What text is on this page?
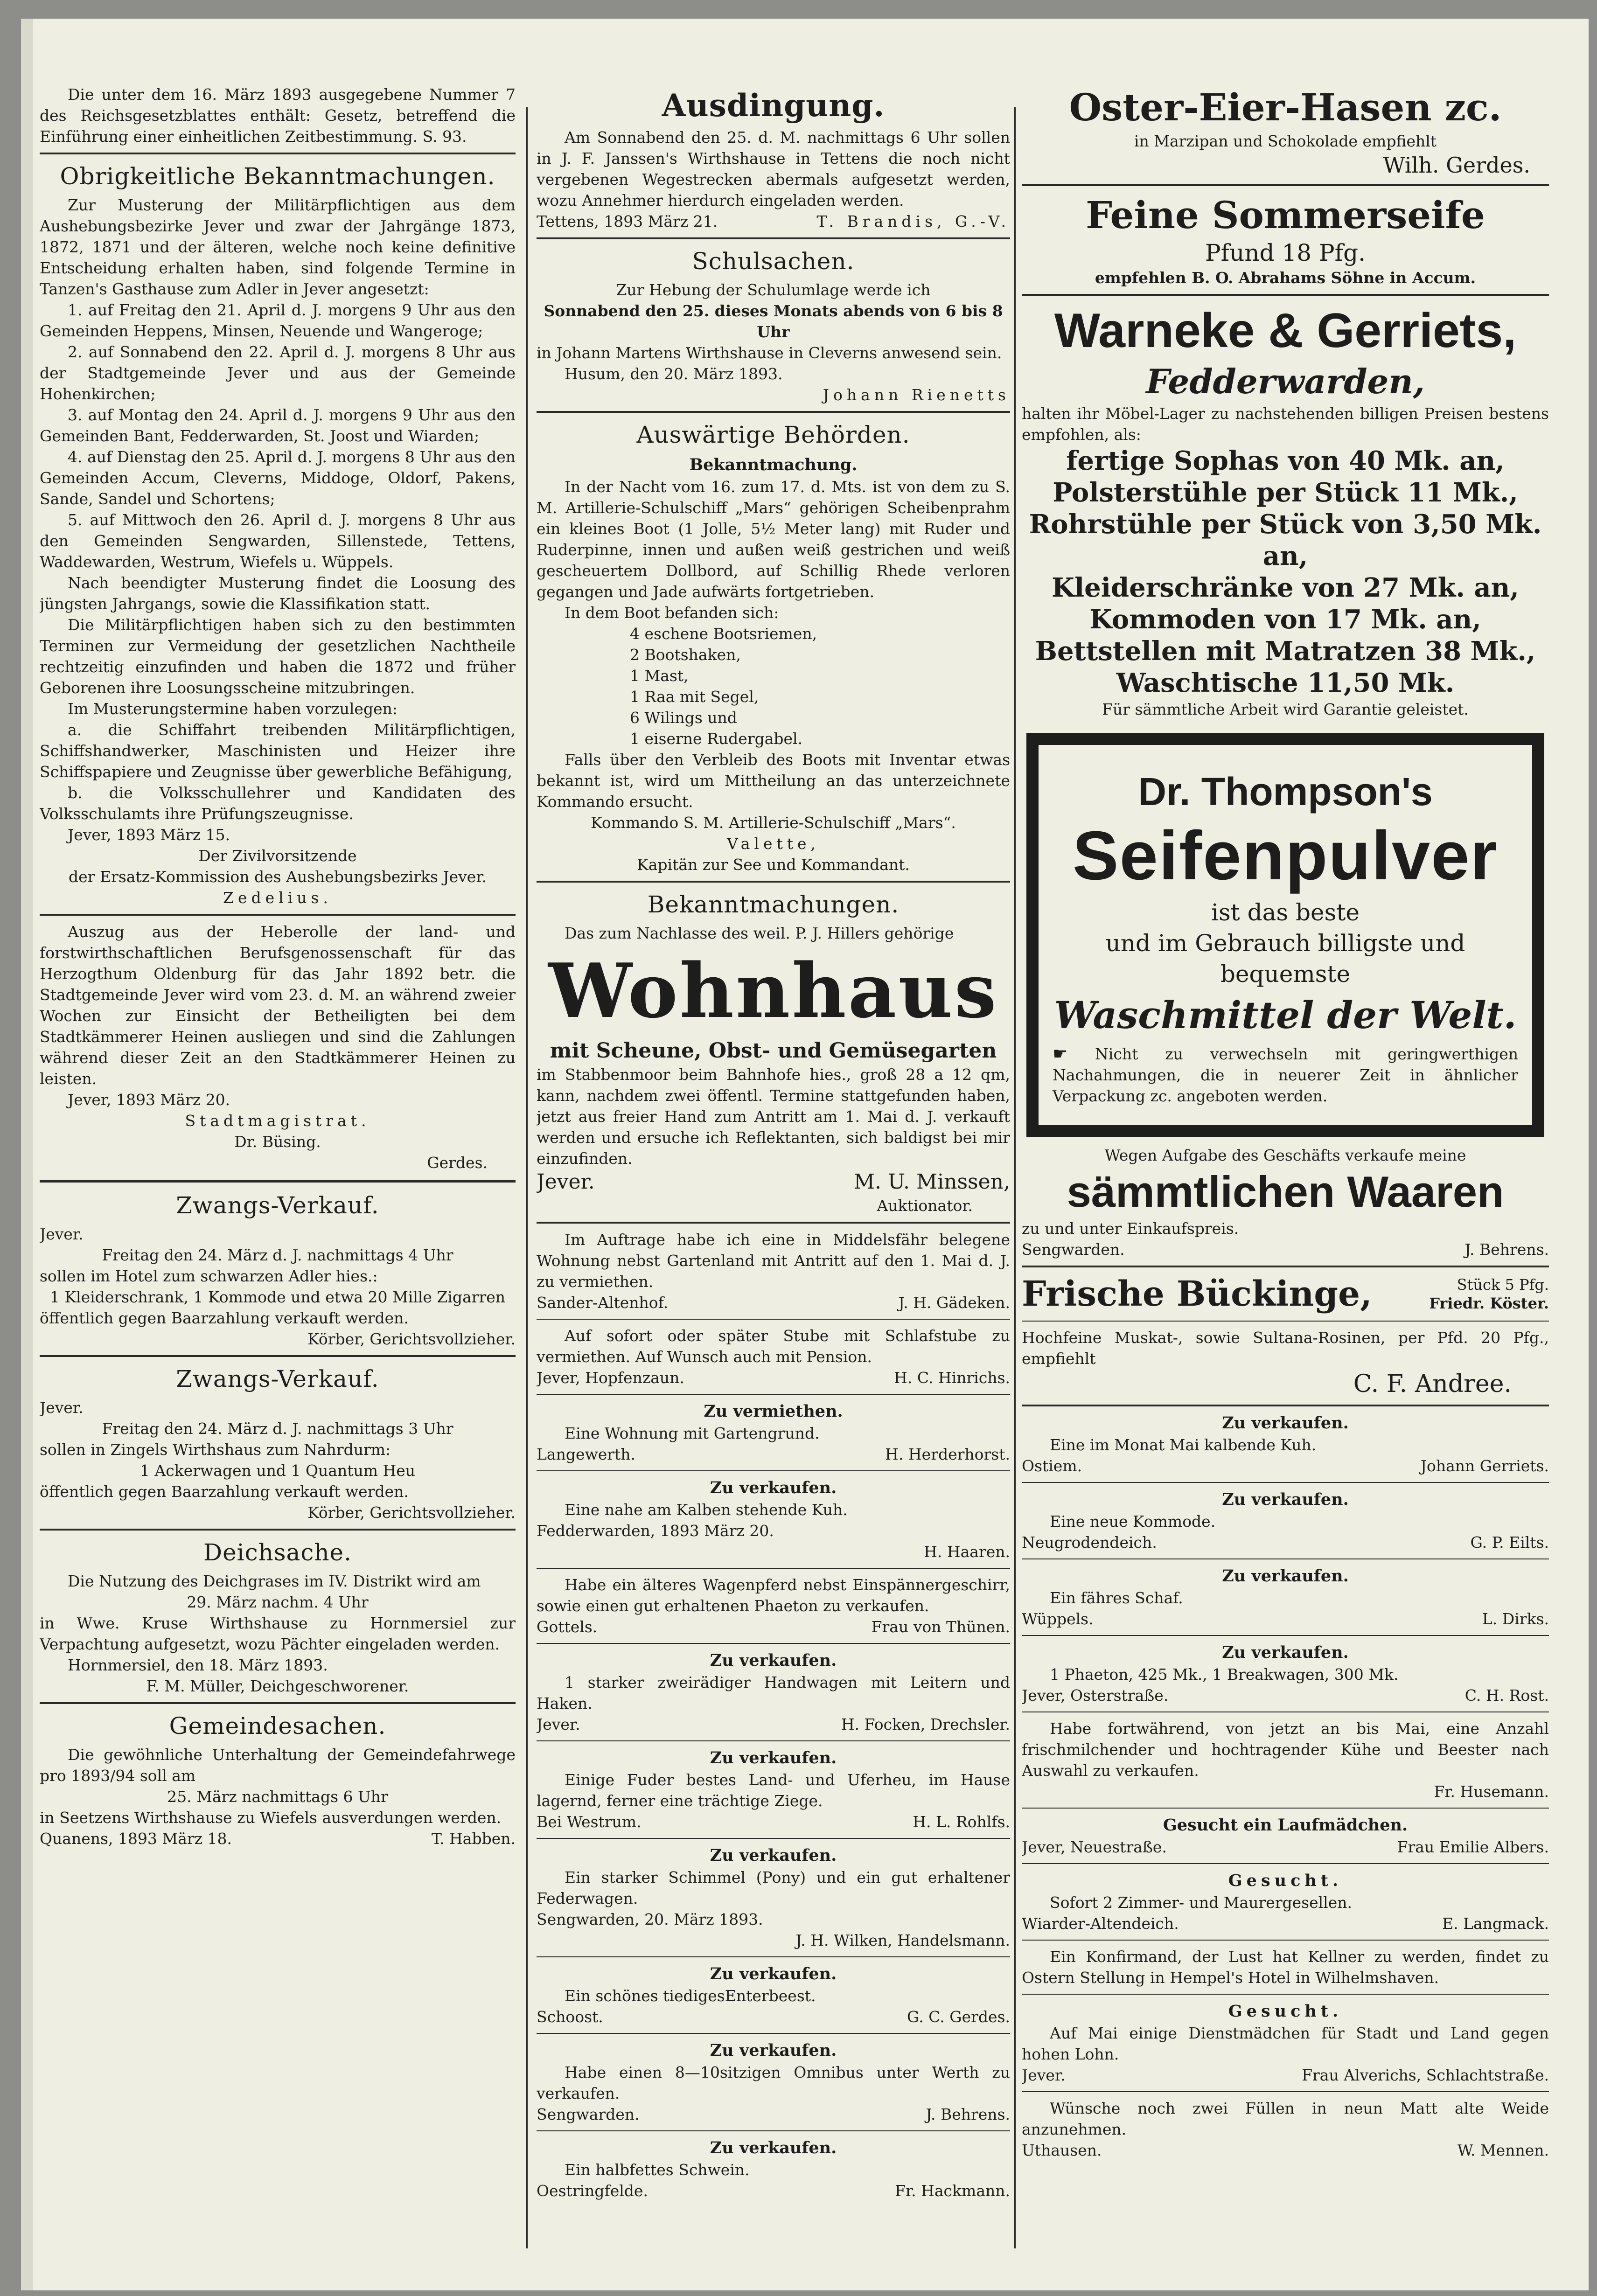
Die unter dem 16. März 1893 ausgegebene Nummer 7 des Reichsgesetzblattes enthält: Gesetz, betreffend die Einführung einer einheitlichen Zeitbestimmung. S. 93.

Obrigkeitliche Bekanntmachungen.

Zur Musterung der Militärpflichtigen aus dem Aushebungsbezirke Jever und zwar der Jahrgänge 1873, 1872, 1871 und der älteren, welche noch keine definitive Entscheidung erhalten haben, sind folgende Termine in Tanzen's Gasthause zum Adler in Jever angesetzt:

1. auf Freitag den 21. April d. J. morgens 9 Uhr aus den Gemeinden Heppens, Minsen, Neuende und Wangeroge;

2. auf Sonnabend den 22. April d. J. morgens 8 Uhr aus der Stadtgemeinde Jever und aus der Gemeinde Hohenkirchen;

3. auf Montag den 24. April d. J. morgens 9 Uhr aus den Gemeinden Bant, Fedderwarden, St. Joost und Wiarden;

4. auf Dienstag den 25. April d. J. morgens 8 Uhr aus den Gemeinden Accum, Cleverns, Middoge, Oldorf, Pakens, Sande, Sandel und Schortens;

5. auf Mittwoch den 26. April d. J. morgens 8 Uhr aus den Gemeinden Sengwarden, Sillenstede, Tettens, Waddewarden, Westrum, Wiefels u. Wüppels.

Nach beendigter Musterung findet die Loosung des jüngsten Jahrgangs, sowie die Klassifikation statt.

Die Militärpflichtigen haben sich zu den bestimmten Terminen zur Vermeidung der gesetzlichen Nachtheile rechtzeitig einzufinden und haben die 1872 und früher Geborenen ihre Loosungsscheine mitzubringen.

Im Musterungstermine haben vorzulegen:

a. die Schiffahrt treibenden Militärpflichtigen, Schiffshandwerker, Maschinisten und Heizer ihre Schiffspapiere und Zeugnisse über gewerbliche Befähigung,

b. die Volksschullehrer und Kandidaten des Volksschulamts ihre Prüfungszeugnisse.

Jever, 1893 März 15.

Der Zivilvorsitzende

der Ersatz-Kommission des Aushebungsbezirks Jever.

Zedelius.

Auszug aus der Heberolle der land- und forstwirthschaftlichen Berufsgenossenschaft für das Herzogthum Oldenburg für das Jahr 1892 betr. die Stadtgemeinde Jever wird vom 23. d. M. an während zweier Wochen zur Einsicht der Betheiligten bei dem Stadtkämmerer Heinen ausliegen und sind die Zahlungen während dieser Zeit an den Stadtkämmerer Heinen zu leisten.

Jever, 1893 März 20.

Stadtmagistrat.

Dr. Büsing.

Gerdes.

Zwangs-Verkauf.

Jever.

Freitag den 24. März d. J. nachmittags 4 Uhr

sollen im Hotel zum schwarzen Adler hies.:

1 Kleiderschrank, 1 Kommode und etwa 20 Mille Zigarren

öffentlich gegen Baarzahlung verkauft werden.

Körber, Gerichtsvollzieher.

Zwangs-Verkauf.

Jever.

Freitag den 24. März d. J. nachmittags 3 Uhr

sollen in Zingels Wirthshaus zum Nahrdurm:

1 Ackerwagen und 1 Quantum Heu

öffentlich gegen Baarzahlung verkauft werden.

Körber, Gerichtsvollzieher.

Deichsache.

Die Nutzung des Deichgrases im IV. Distrikt wird am

29. März nachm. 4 Uhr

in Wwe. Kruse Wirthshause zu Hornmersiel zur Verpachtung aufgesetzt, wozu Pächter eingeladen werden.

Hornmersiel, den 18. März 1893.

F. M. Müller, Deichgeschworener.

Gemeindesachen.

Die gewöhnliche Unterhaltung der Gemeindefahrwege pro 1893/94 soll am

25. März nachmittags 6 Uhr

in Seetzens Wirthshause zu Wiefels ausverdungen werden.

Quanens, 1893 März 18.	T. Habben.
Ausdingung.

Am Sonnabend den 25. d. M. nachmittags 6 Uhr sollen in J. F. Janssen's Wirthshause in Tettens die noch nicht vergebenen Wegestrecken abermals aufgesetzt werden, wozu Annehmer hierdurch eingeladen werden.

Tettens, 1893 März 21.	T. Brandis, G.-V.
Schulsachen.

Zur Hebung der Schulumlage werde ich

Sonnabend den 25. dieses Monats abends von 6 bis 8 Uhr

in Johann Martens Wirthshause in Cleverns anwesend sein.

Husum, den 20. März 1893.

Johann Rienetts

Auswärtige Behörden.
Bekanntmachung.

In der Nacht vom 16. zum 17. d. Mts. ist von dem zu S. M. Artillerie-Schulschiff „Mars“ gehörigen Scheibenprahm ein kleines Boot (1 Jolle, 5½ Meter lang) mit Ruder und Ruderpinne, innen und außen weiß gestrichen und weiß gescheuertem Dollbord, auf Schillig Rhede verloren gegangen und Jade aufwärts fortgetrieben.

In dem Boot befanden sich:

4 eschene Bootsriemen,

2 Bootshaken,

1 Mast,

1 Raa mit Segel,

6 Wilings und

1 eiserne Rudergabel.

Falls über den Verbleib des Boots mit Inventar etwas bekannt ist, wird um Mittheilung an das unterzeichnete Kommando ersucht.

Kommando S. M. Artillerie-Schulschiff „Mars“.

Valette,

Kapitän zur See und Kommandant.

Bekanntmachungen.

Das zum Nachlasse des weil. P. J. Hillers gehörige

Wohnhaus

mit Scheune, Obst- und Gemüsegarten

im Stabbenmoor beim Bahnhofe hies., groß 28 a 12 qm, kann, nachdem zwei öffentl. Termine stattgefunden haben, jetzt aus freier Hand zum Antritt am 1. Mai d. J. verkauft werden und ersuche ich Reflektanten, sich baldigst bei mir einzufinden.

Jever.	M. U. Minssen,

Auktionator.

Im Auftrage habe ich eine in Middelsfähr belegene Wohnung nebst Gartenland mit Antritt auf den 1. Mai d. J. zu vermiethen.

Sander-Altenhof.	J. H. Gädeken.

Auf sofort oder später Stube mit Schlafstube zu vermiethen. Auf Wunsch auch mit Pension.

Jever, Hopfenzaun.	H. C. Hinrichs.
Zu vermiethen.

Eine Wohnung mit Gartengrund.

Langewerth.	H. Herderhorst.
Zu verkaufen.

Eine nahe am Kalben stehende Kuh.

Fedderwarden, 1893 März 20.

H. Haaren.

Habe ein älteres Wagenpferd nebst Einspännergeschirr, sowie einen gut erhaltenen Phaeton zu verkaufen.

Gottels.	Frau von Thünen.
Zu verkaufen.

1 starker zweirädiger Handwagen mit Leitern und Haken.

Jever.	H. Focken, Drechsler.
Zu verkaufen.

Einige Fuder bestes Land- und Uferheu, im Hause lagernd, ferner eine trächtige Ziege.

Bei Westrum.	H. L. Rohlfs.
Zu verkaufen.

Ein starker Schimmel (Pony) und ein gut erhaltener Federwagen.

Sengwarden, 20. März 1893.

J. H. Wilken, Handelsmann.

Zu verkaufen.

Ein schönes tiedigesEnterbeest.

Schoost.	G. C. Gerdes.
Zu verkaufen.

Habe einen 8—10sitzigen Omnibus unter Werth zu verkaufen.

Sengwarden.	J. Behrens.
Zu verkaufen.

Ein halbfettes Schwein.

Oestringfelde.	Fr. Hackmann.
Oster-Eier-Hasen zc.

in Marzipan und Schokolade empfiehlt

Wilh. Gerdes.

Feine Sommerseife

Pfund 18 Pfg.

empfehlen B. O. Abrahams Söhne in Accum.

Warneke & Gerriets,
Fedderwarden,

halten ihr Möbel-Lager zu nachstehenden billigen Preisen bestens empfohlen, als:

fertige Sophas von 40 Mk. an,
Polsterstühle per Stück 11 Mk.,
Rohrstühle per Stück von 3,50 Mk. an,
Kleiderschränke von 27 Mk. an,
Kommoden von 17 Mk. an,
Bettstellen mit Matratzen 38 Mk.,
Waschtische 11,50 Mk.

Für sämmtliche Arbeit wird Garantie geleistet.

Dr. Thompson's
Seifenpulver
ist das beste
und im Gebrauch billigste und
bequemste
Waschmittel der Welt.

☛ Nicht zu verwechseln mit geringwerthigen Nachahmungen, die in neuerer Zeit in ähnlicher Verpackung zc. angeboten werden.

Wegen Aufgabe des Geschäfts verkaufe meine

sämmtlichen Waaren

zu und unter Einkaufspreis.

Sengwarden.	J. Behrens.
Frische Bückinge,	Stück 5 Pfg.
Friedr. Köster.

Hochfeine Muskat-, sowie Sultana-Rosinen, per Pfd. 20 Pfg., empfiehlt

C. F. Andree.

Zu verkaufen.

Eine im Monat Mai kalbende Kuh.

Ostiem.	Johann Gerriets.
Zu verkaufen.

Eine neue Kommode.

Neugrodendeich.	G. P. Eilts.
Zu verkaufen.

Ein fähres Schaf.

Wüppels.	L. Dirks.
Zu verkaufen.

1 Phaeton, 425 Mk., 1 Breakwagen, 300 Mk.

Jever, Osterstraße.	C. H. Rost.

Habe fortwährend, von jetzt an bis Mai, eine Anzahl frischmilchender und hochtragender Kühe und Beester nach Auswahl zu verkaufen.

Fr. Husemann.

Gesucht ein Laufmädchen.
Jever, Neuestraße.	Frau Emilie Albers.
Gesucht.

Sofort 2 Zimmer- und Maurergesellen.

Wiarder-Altendeich.	E. Langmack.

Ein Konfirmand, der Lust hat Kellner zu werden, findet zu Ostern Stellung in Hempel's Hotel in Wilhelmshaven.

Gesucht.

Auf Mai einige Dienstmädchen für Stadt und Land gegen hohen Lohn.

Jever.	Frau Alverichs, Schlachtstraße.

Wünsche noch zwei Füllen in neun Matt alte Weide anzunehmen.

Uthausen.	W. Mennen.
